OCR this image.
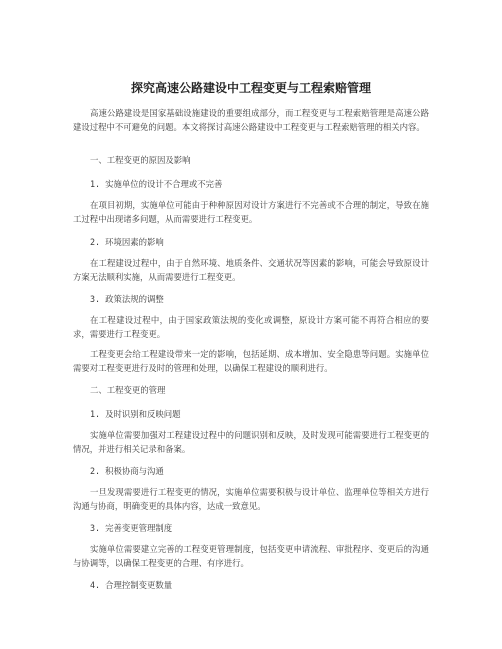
探究高速公路建设中工程变更与工程索赔管理

高速公路建设是国家基础设施建设的重要组成部分，而工程变更与工程索赔管理是高速公路建设过程中不可避免的问题。本文将探讨高速公路建设中工程变更与工程索赔管理的相关内容。

一、工程变更的原因及影响

1. 实施单位的设计不合理或不完善

在项目初期，实施单位可能由于种种原因对设计方案进行不完善或不合理的制定，导致在施工过程中出现诸多问题，从而需要进行工程变更。

2. 环境因素的影响

在工程建设过程中，由于自然环境、地质条件、交通状况等因素的影响，可能会导致原设计方案无法顺利实施，从而需要进行工程变更。

3. 政策法规的调整

在工程建设过程中，由于国家政策法规的变化或调整，原设计方案可能不再符合相应的要求，需要进行工程变更。

工程变更会给工程建设带来一定的影响，包括延期、成本增加、安全隐患等问题。实施单位需要对工程变更进行及时的管理和处理，以确保工程建设的顺利进行。

二、工程变更的管理

1. 及时识别和反映问题

实施单位需要加强对工程建设过程中的问题识别和反映，及时发现可能需要进行工程变更的情况，并进行相关记录和备案。

2. 积极协商与沟通

一旦发现需要进行工程变更的情况，实施单位需要积极与设计单位、监理单位等相关方进行沟通与协商，明确变更的具体内容，达成一致意见。

3. 完善变更管理制度

实施单位需要建立完善的工程变更管理制度，包括变更申请流程、审批程序、变更后的沟通与协调等，以确保工程变更的合理、有序进行。

4. 合理控制变更数量
